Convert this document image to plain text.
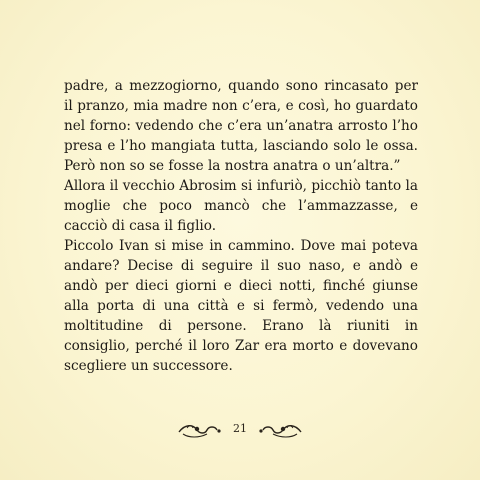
padre, a mezzogiorno, quando sono rincasato per il pranzo, mia madre non c’era, e così, ho guardato nel forno: vedendo che c’era un’anatra arrosto l’ho presa e l’ho mangiata tutta, lasciando solo le ossa. Però non so se fosse la nostra anatra o un’altra.”

Allora il vecchio Abrosim si infuriò, picchiò tanto la moglie che poco mancò che l’ammazzasse, e cacciò di casa il figlio.

Piccolo Ivan si mise in cammino. Dove mai poteva andare? Decise di seguire il suo naso, e andò e andò per dieci giorni e dieci notti, finché giunse alla porta di una città e si fermò, vedendo una moltitudine di persone. Erano là riuniti in consiglio, perché il loro Zar era morto e dovevano scegliere un successore.

21
